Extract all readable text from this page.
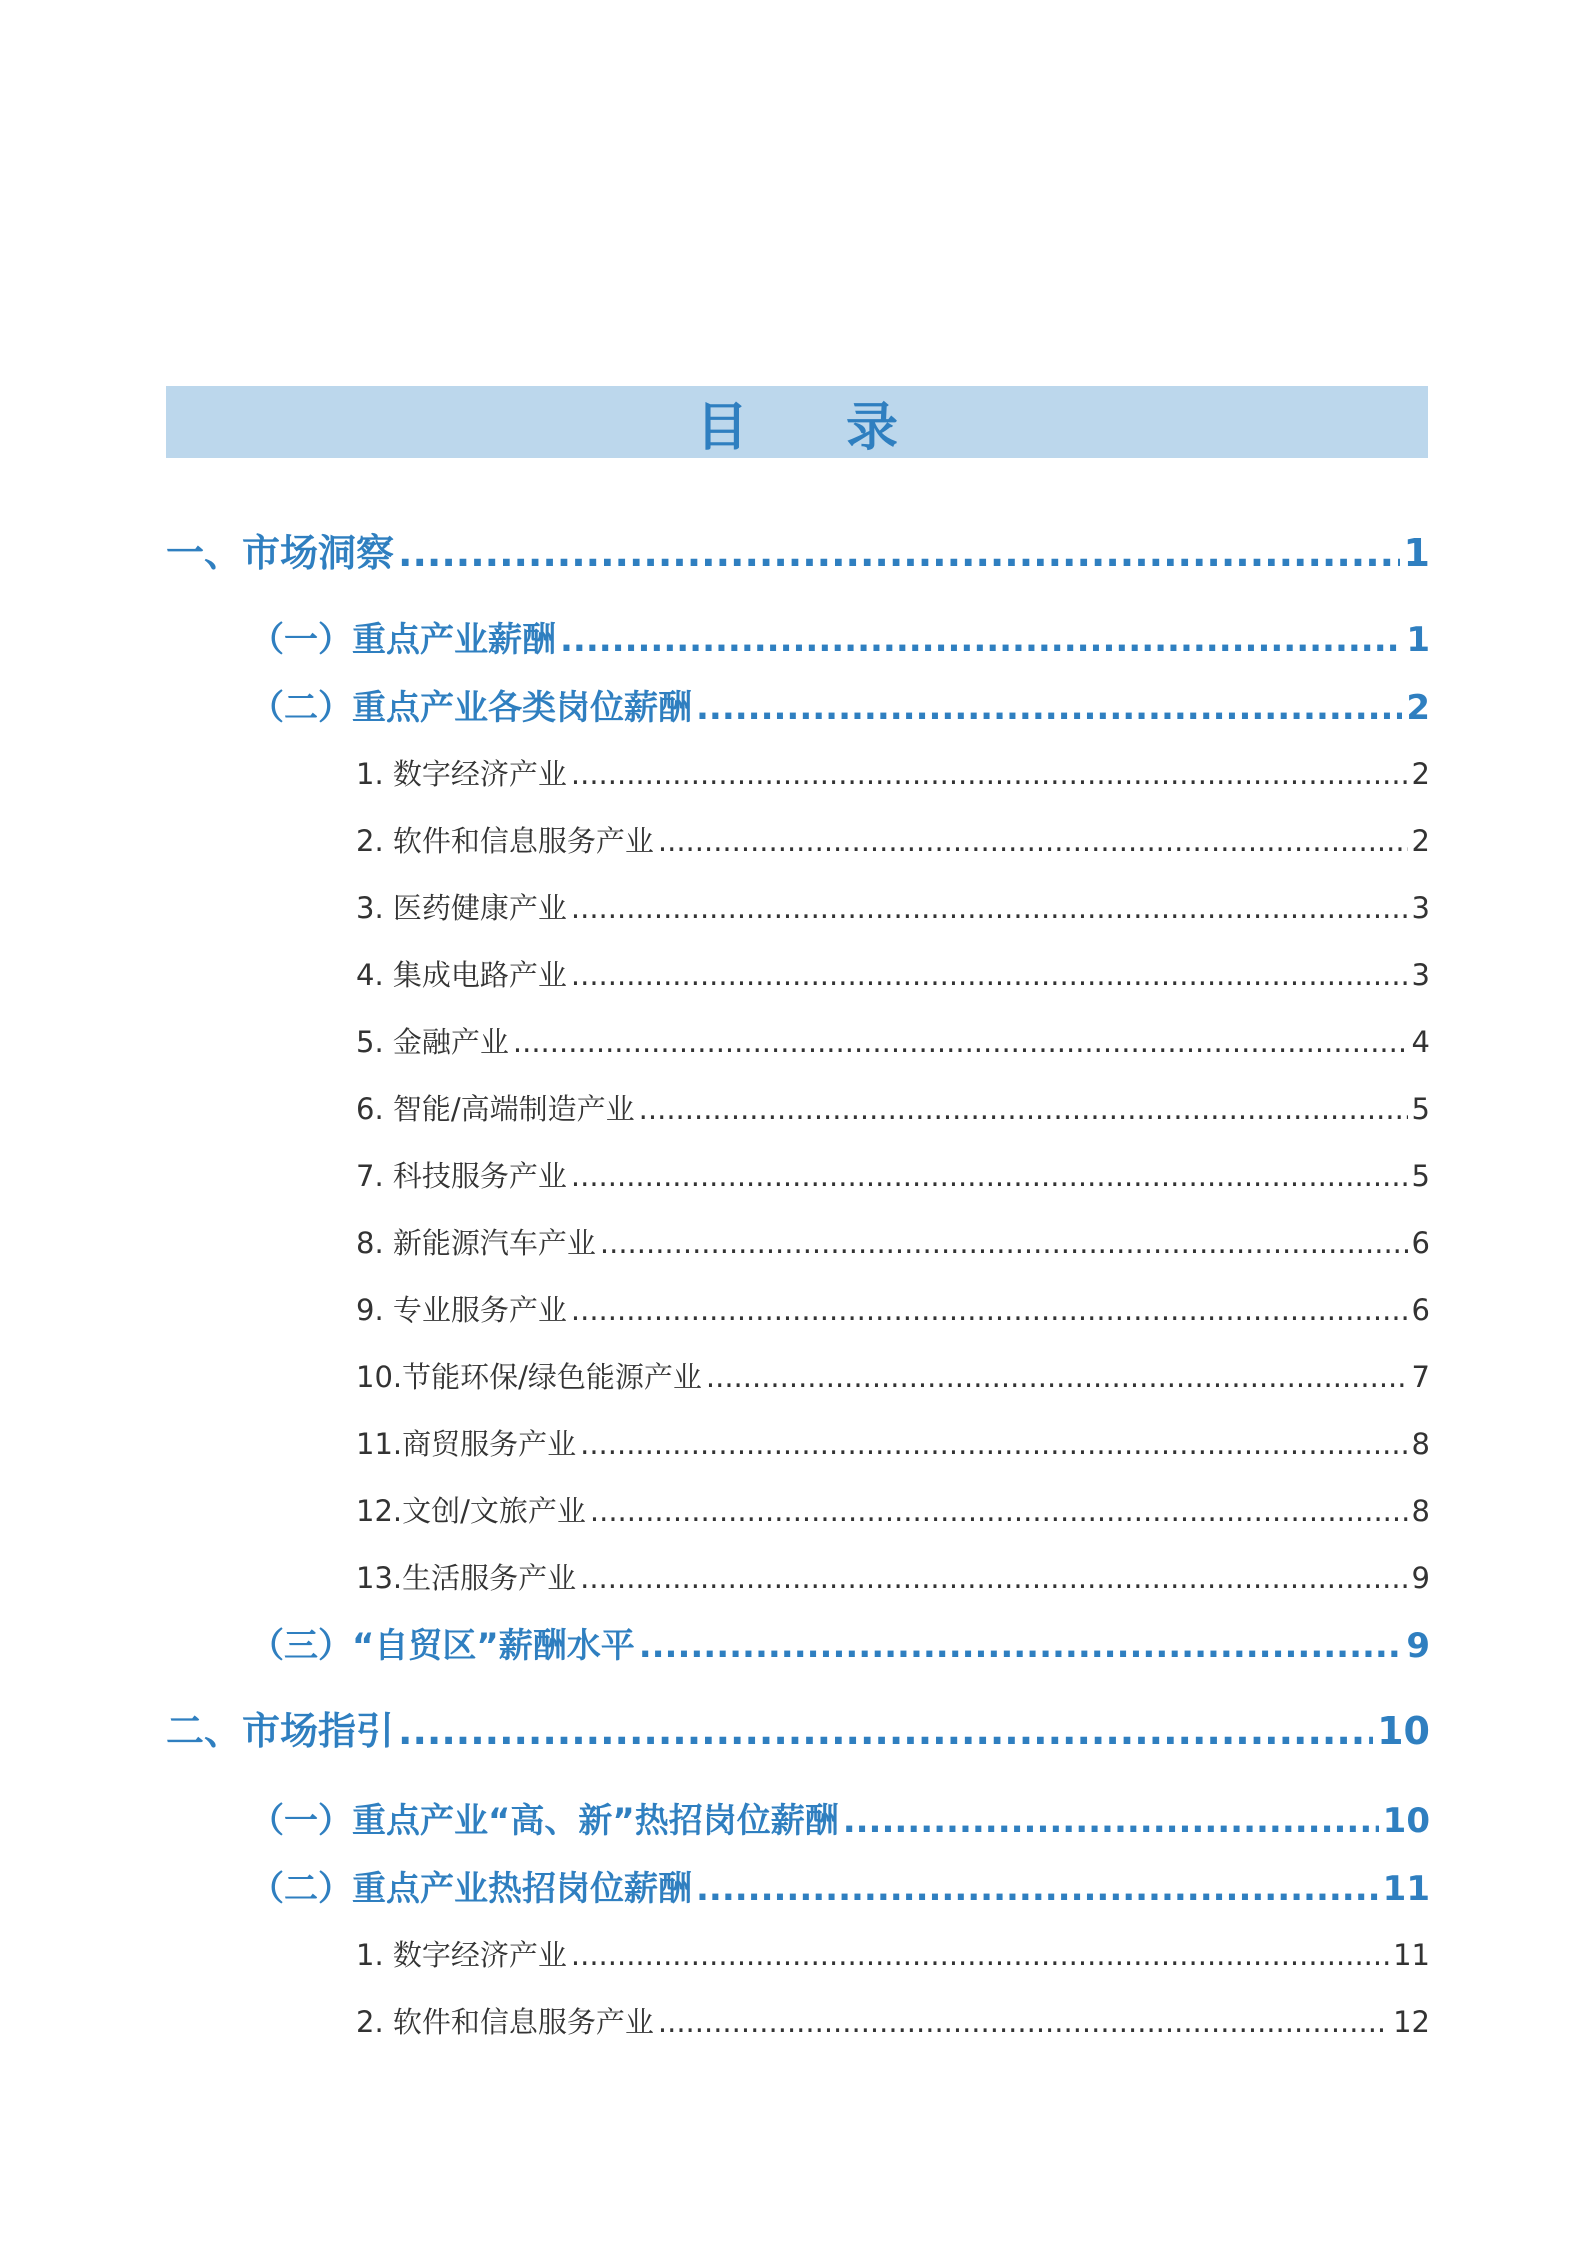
目 录
一、市场洞察 .....	1
（一）重点产业薪酬 .....	1
（二）重点产业各类岗位薪酬 .....	2
1. 数字经济产业 .....	2
2. 软件和信息服务产业 .....	2
3. 医药健康产业 .....	3
4. 集成电路产业 .....	3
5. 金融产业 .....	4
6. 智能/高端制造产业 .....	5
7. 科技服务产业 .....	5
8. 新能源汽车产业 .....	6
9. 专业服务产业 .....	6
10.节能环保/绿色能源产业 .....	7
11.商贸服务产业 .....	8
12.文创/文旅产业 .....	8
13.生活服务产业 .....	9
（三）“自贸区”薪酬水平 .....	9
二、市场指引 .....	10
（一）重点产业“高、新”热招岗位薪酬 .....	10
（二）重点产业热招岗位薪酬 .....	11
1. 数字经济产业 .....	11
2. 软件和信息服务产业 .....	12
